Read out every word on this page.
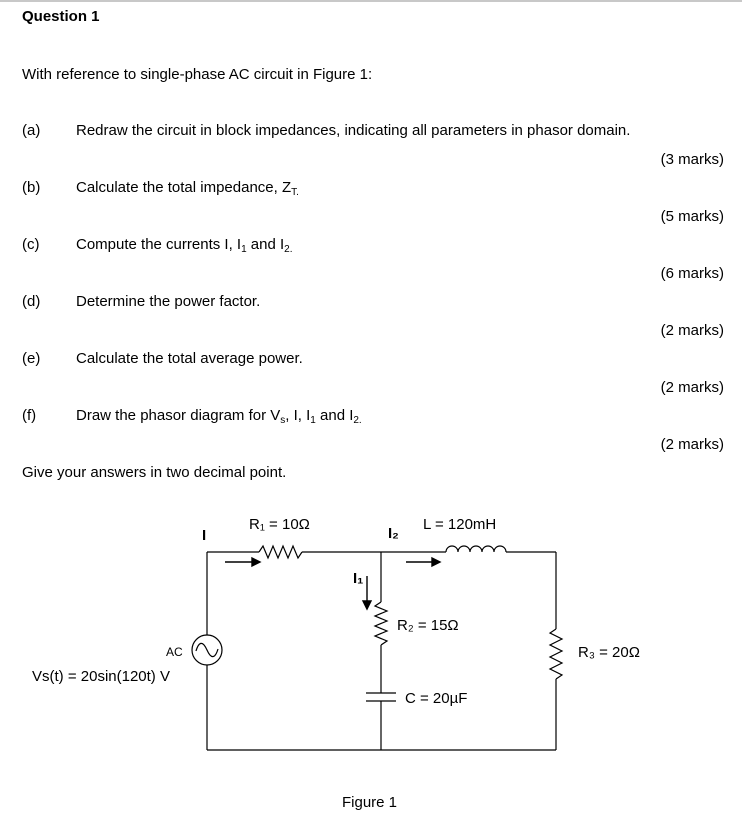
Question 1
With reference to single-phase AC circuit in Figure 1:
(a) Redraw the circuit in block impedances, indicating all parameters in phasor domain.
(3 marks)
(b) Calculate the total impedance, $Z_{T.}$
(5 marks)
(c) Compute the currents I, $I_1$ and $I_{2.}$
(6 marks)
(d) Determine the power factor.
(2 marks)
(e) Calculate the total average power.
(2 marks)
(f)	Draw the phasor diagram for $V_s$, I, $I_1$ and $I_{2.}$
(2 marks)
Give your answers in two decimal point.
I
R₁ = 10Ω
I₂
L = 120mH
I₁
R₂ = 15Ω
R₃ = 20Ω
AC
Vs(t) = 20sin(120t) V
C = 20µF
Figure 1
